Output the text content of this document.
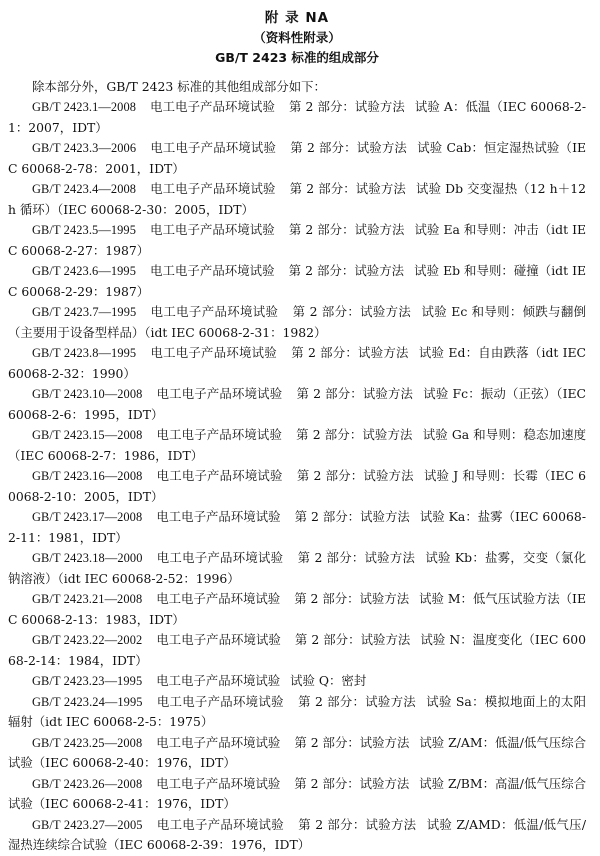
附 录 NA
（资料性附录）
GB/T 2423 标准的组成部分

除本部分外，GB/T 2423 标准的其他组成部分如下：

GB/T 2423.1—2008 电工电子产品环境试验 第 2 部分：试验方法 试验 A：低温（IEC 60068-2-1：2007，IDT）
GB/T 2423.3—2006 电工电子产品环境试验 第 2 部分：试验方法 试验 Cab：恒定湿热试验（IEC 60068-2-78：2001，IDT）
GB/T 2423.4—2008 电工电子产品环境试验 第 2 部分：试验方法 试验 Db 交变湿热（12 h＋12 h 循环）（IEC 60068-2-30：2005，IDT）
GB/T 2423.5—1995 电工电子产品环境试验 第 2 部分：试验方法 试验 Ea 和导则：冲击（idt IEC 60068-2-27：1987）
GB/T 2423.6—1995 电工电子产品环境试验 第 2 部分：试验方法 试验 Eb 和导则：碰撞（idt IEC 60068-2-29：1987）
GB/T 2423.7—1995 电工电子产品环境试验 第 2 部分：试验方法 试验 Ec 和导则：倾跌与翻倒（主要用于设备型样品）（idt IEC 60068-2-31：1982）
GB/T 2423.8—1995 电工电子产品环境试验 第 2 部分：试验方法 试验 Ed：自由跌落（idt IEC 60068-2-32：1990）
GB/T 2423.10—2008 电工电子产品环境试验 第 2 部分：试验方法 试验 Fc：振动（正弦）（IEC 60068-2-6：1995，IDT）
GB/T 2423.15—2008 电工电子产品环境试验 第 2 部分：试验方法 试验 Ga 和导则：稳态加速度（IEC 60068-2-7：1986，IDT）
GB/T 2423.16—2008 电工电子产品环境试验 第 2 部分：试验方法 试验 J 和导则：长霉（IEC 60068-2-10：2005，IDT）
GB/T 2423.17—2008 电工电子产品环境试验 第 2 部分：试验方法 试验 Ka：盐雾（IEC 60068-2-11：1981，IDT）
GB/T 2423.18—2000 电工电子产品环境试验 第 2 部分：试验方法 试验 Kb：盐雾，交变（氯化钠溶液）（idt IEC 60068-2-52：1996）
GB/T 2423.21—2008 电工电子产品环境试验 第 2 部分：试验方法 试验 M：低气压试验方法（IEC 60068-2-13：1983，IDT）
GB/T 2423.22—2002 电工电子产品环境试验 第 2 部分：试验方法 试验 N：温度变化（IEC 60068-2-14：1984，IDT）
GB/T 2423.23—1995 电工电子产品环境试验 试验 Q：密封
GB/T 2423.24—1995 电工电子产品环境试验 第 2 部分：试验方法 试验 Sa：模拟地面上的太阳辐射（idt IEC 60068-2-5：1975）
GB/T 2423.25—2008 电工电子产品环境试验 第 2 部分：试验方法 试验 Z/AM：低温/低气压综合试验（IEC 60068-2-40：1976，IDT）
GB/T 2423.26—2008 电工电子产品环境试验 第 2 部分：试验方法 试验 Z/BM：高温/低气压综合试验（IEC 60068-2-41：1976，IDT）
GB/T 2423.27—2005 电工电子产品环境试验 第 2 部分：试验方法 试验 Z/AMD：低温/低气压/湿热连续综合试验（IEC 60068-2-39：1976，IDT）
